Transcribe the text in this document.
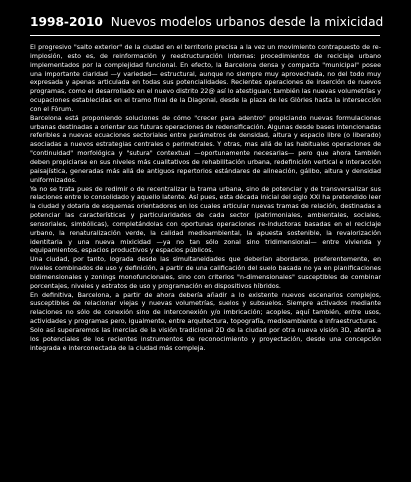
1998-2010 Nuevos modelos urbanos desde la mixicidad

El progresivo "salto exterior" de la ciudad en el territorio precisa a la vez un movimiento contrapuesto de re-implosión, esto es, de reinformación y reestructuración internas: procedimientos de reciclaje urbano implementados por la complejidad funcional. En efecto, la Barcelona densa y compacta "municipal" posee una importante claridad —y variedad— estructural, aunque no siempre muy aprovechada, no del todo muy expresada y apenas articulada en todas sus potencialidades. Recientes operaciones de inserción de nuevos programas, como el desarrollado en el nuevo distrito 22@ así lo atestiguan; también las nuevas volumetrías y ocupaciones establecidas en el tramo final de la Diagonal, desde la plaza de les Glòries hasta la intersección con el Fòrum.

Barcelona está proponiendo soluciones de cómo "crecer para adentro" propiciando nuevas formulaciones urbanas destinadas a orientar sus futuras operaciones de redensificación. Algunas desde bases intencionadas referibles a nuevas ecuaciones sectoriales entre parámetros de densidad, altura y espacio libre (o liberado) asociadas a nuevos estrategias centrales o perimetrales. Y otras, mas allá de las habituales operaciones de "continuidad" morfológica y "sutura" contextual —oportunamente necesarias— pero que ahora también deben propiciarse en sus niveles más cualitativos de rehabilitación urbana, redefinición vertical e interacción paisajística, generadas más allá de antiguos repertorios estándares de alineación, gálibo, altura y densidad uniformizados.

Ya no se trata pues de redimir o de recentralizar la trama urbana, sino de potenciar y de transversalizar sus relaciones entre lo consolidado y aquello latente. Así pues, esta década inicial del siglo XXI ha pretendido leer la ciudad y dotarla de esquemas orientadores en los cuales articular nuevas tramas de relación, destinadas a potenciar las características y particularidades de cada sector (patrimoniales, ambientales, sociales, sensoriales, simbólicas), completándolas con oportunas operaciones re-inductoras basadas en el reciclaje urbano, la renaturalización verde, la calidad medioambiental, la apuesta sostenible, la revalorización identitaria y una nueva mixicidad —ya no tan sólo zonal sino tridimensional— entre vivienda y equipamientos, espacios productivos y espacios públicos.

Una ciudad, por tanto, lograda desde las simultaneidades que deberían abordarse, preferentemente, en niveles combinados de uso y definición, a partir de una calificación del suelo basada no ya en planificaciones bidimensionales y zonings monofuncionales, sino con criterios "n-dimensionales" susceptibles de combinar porcentajes, niveles y estratos de uso y programación en dispositivos híbridos.

En definitiva, Barcelona, a partir de ahora debería añadir a lo existente nuevos escenarios complejos, susceptibles de relacionar viejas y nuevas volumetrías, suelos y subsuelos. Siempre activados mediante relaciones no sólo de conexión sino de interconexión y/o imbricación; acoples, aquí también, entre usos, actividades y programas pero, igualmente, entre arquitectura, topografía, medioambiente e infraestructuras.

Solo así superaremos las inercias de la visión tradicional 2D de la ciudad por otra nueva visión 3D, atenta a los potenciales de los recientes instrumentos de reconocimiento y proyectación, desde una concepción integrada e interconectada de la ciudad más compleja.
